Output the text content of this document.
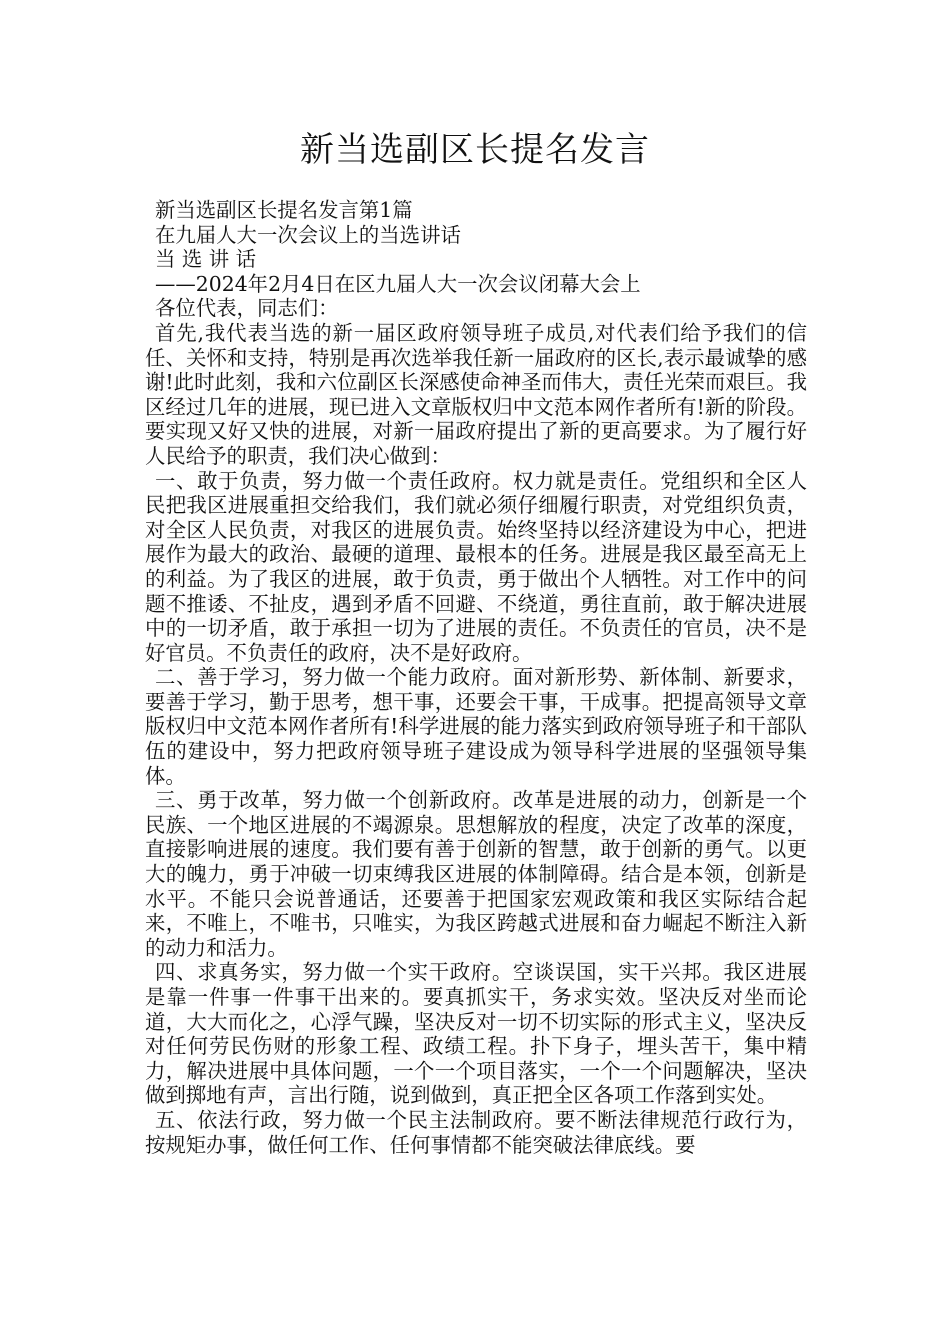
新当选副区长提名发言

新当选副区长提名发言第1篇

在九届人大一次会议上的当选讲话

当 选 讲 话

——2024年2月4日在区九届人大一次会议闭幕大会上

各位代表，同志们：

首先,我代表当选的新一届区政府领导班子成员,对代表们给予我们的信任、关怀和支持，特别是再次选举我任新一届政府的区长,表示最诚挚的感谢!此时此刻，我和六位副区长深感使命神圣而伟大，责任光荣而艰巨。我区经过几年的进展，现已进入文章版权归中文范本网作者所有!新的阶段。要实现又好又快的进展，对新一届政府提出了新的更高要求。为了履行好人民给予的职责，我们决心做到：

一、敢于负责，努力做一个责任政府。权力就是责任。党组织和全区人民把我区进展重担交给我们，我们就必须仔细履行职责，对党组织负责，对全区人民负责，对我区的进展负责。始终坚持以经济建设为中心，把进展作为最大的政治、最硬的道理、最根本的任务。进展是我区最至高无上的利益。为了我区的进展，敢于负责，勇于做出个人牺牲。对工作中的问题不推诿、不扯皮，遇到矛盾不回避、不绕道，勇往直前，敢于解决进展中的一切矛盾，敢于承担一切为了进展的责任。不负责任的官员，决不是好官员。不负责任的政府，决不是好政府。

二、善于学习，努力做一个能力政府。面对新形势、新体制、新要求，要善于学习，勤于思考，想干事，还要会干事，干成事。把提高领导文章版权归中文范本网作者所有!科学进展的能力落实到政府领导班子和干部队伍的建设中，努力把政府领导班子建设成为领导科学进展的坚强领导集体。

三、勇于改革，努力做一个创新政府。改革是进展的动力，创新是一个民族、一个地区进展的不竭源泉。思想解放的程度，决定了改革的深度，直接影响进展的速度。我们要有善于创新的智慧，敢于创新的勇气。以更大的魄力，勇于冲破一切束缚我区进展的体制障碍。结合是本领，创新是水平。不能只会说普通话，还要善于把国家宏观政策和我区实际结合起来，不唯上，不唯书，只唯实，为我区跨越式进展和奋力崛起不断注入新的动力和活力。

四、求真务实，努力做一个实干政府。空谈误国，实干兴邦。我区进展是靠一件事一件事干出来的。要真抓实干，务求实效。坚决反对坐而论道，大大而化之，心浮气躁，坚决反对一切不切实际的形式主义，坚决反对任何劳民伤财的形象工程、政绩工程。扑下身子，埋头苦干，集中精力，解决进展中具体问题，一个一个项目落实，一个一个问题解决，坚决做到掷地有声，言出行随，说到做到，真正把全区各项工作落到实处。

五、依法行政，努力做一个民主法制政府。要不断法律规范行政行为，按规矩办事，做任何工作、任何事情都不能突破法律底线。要
